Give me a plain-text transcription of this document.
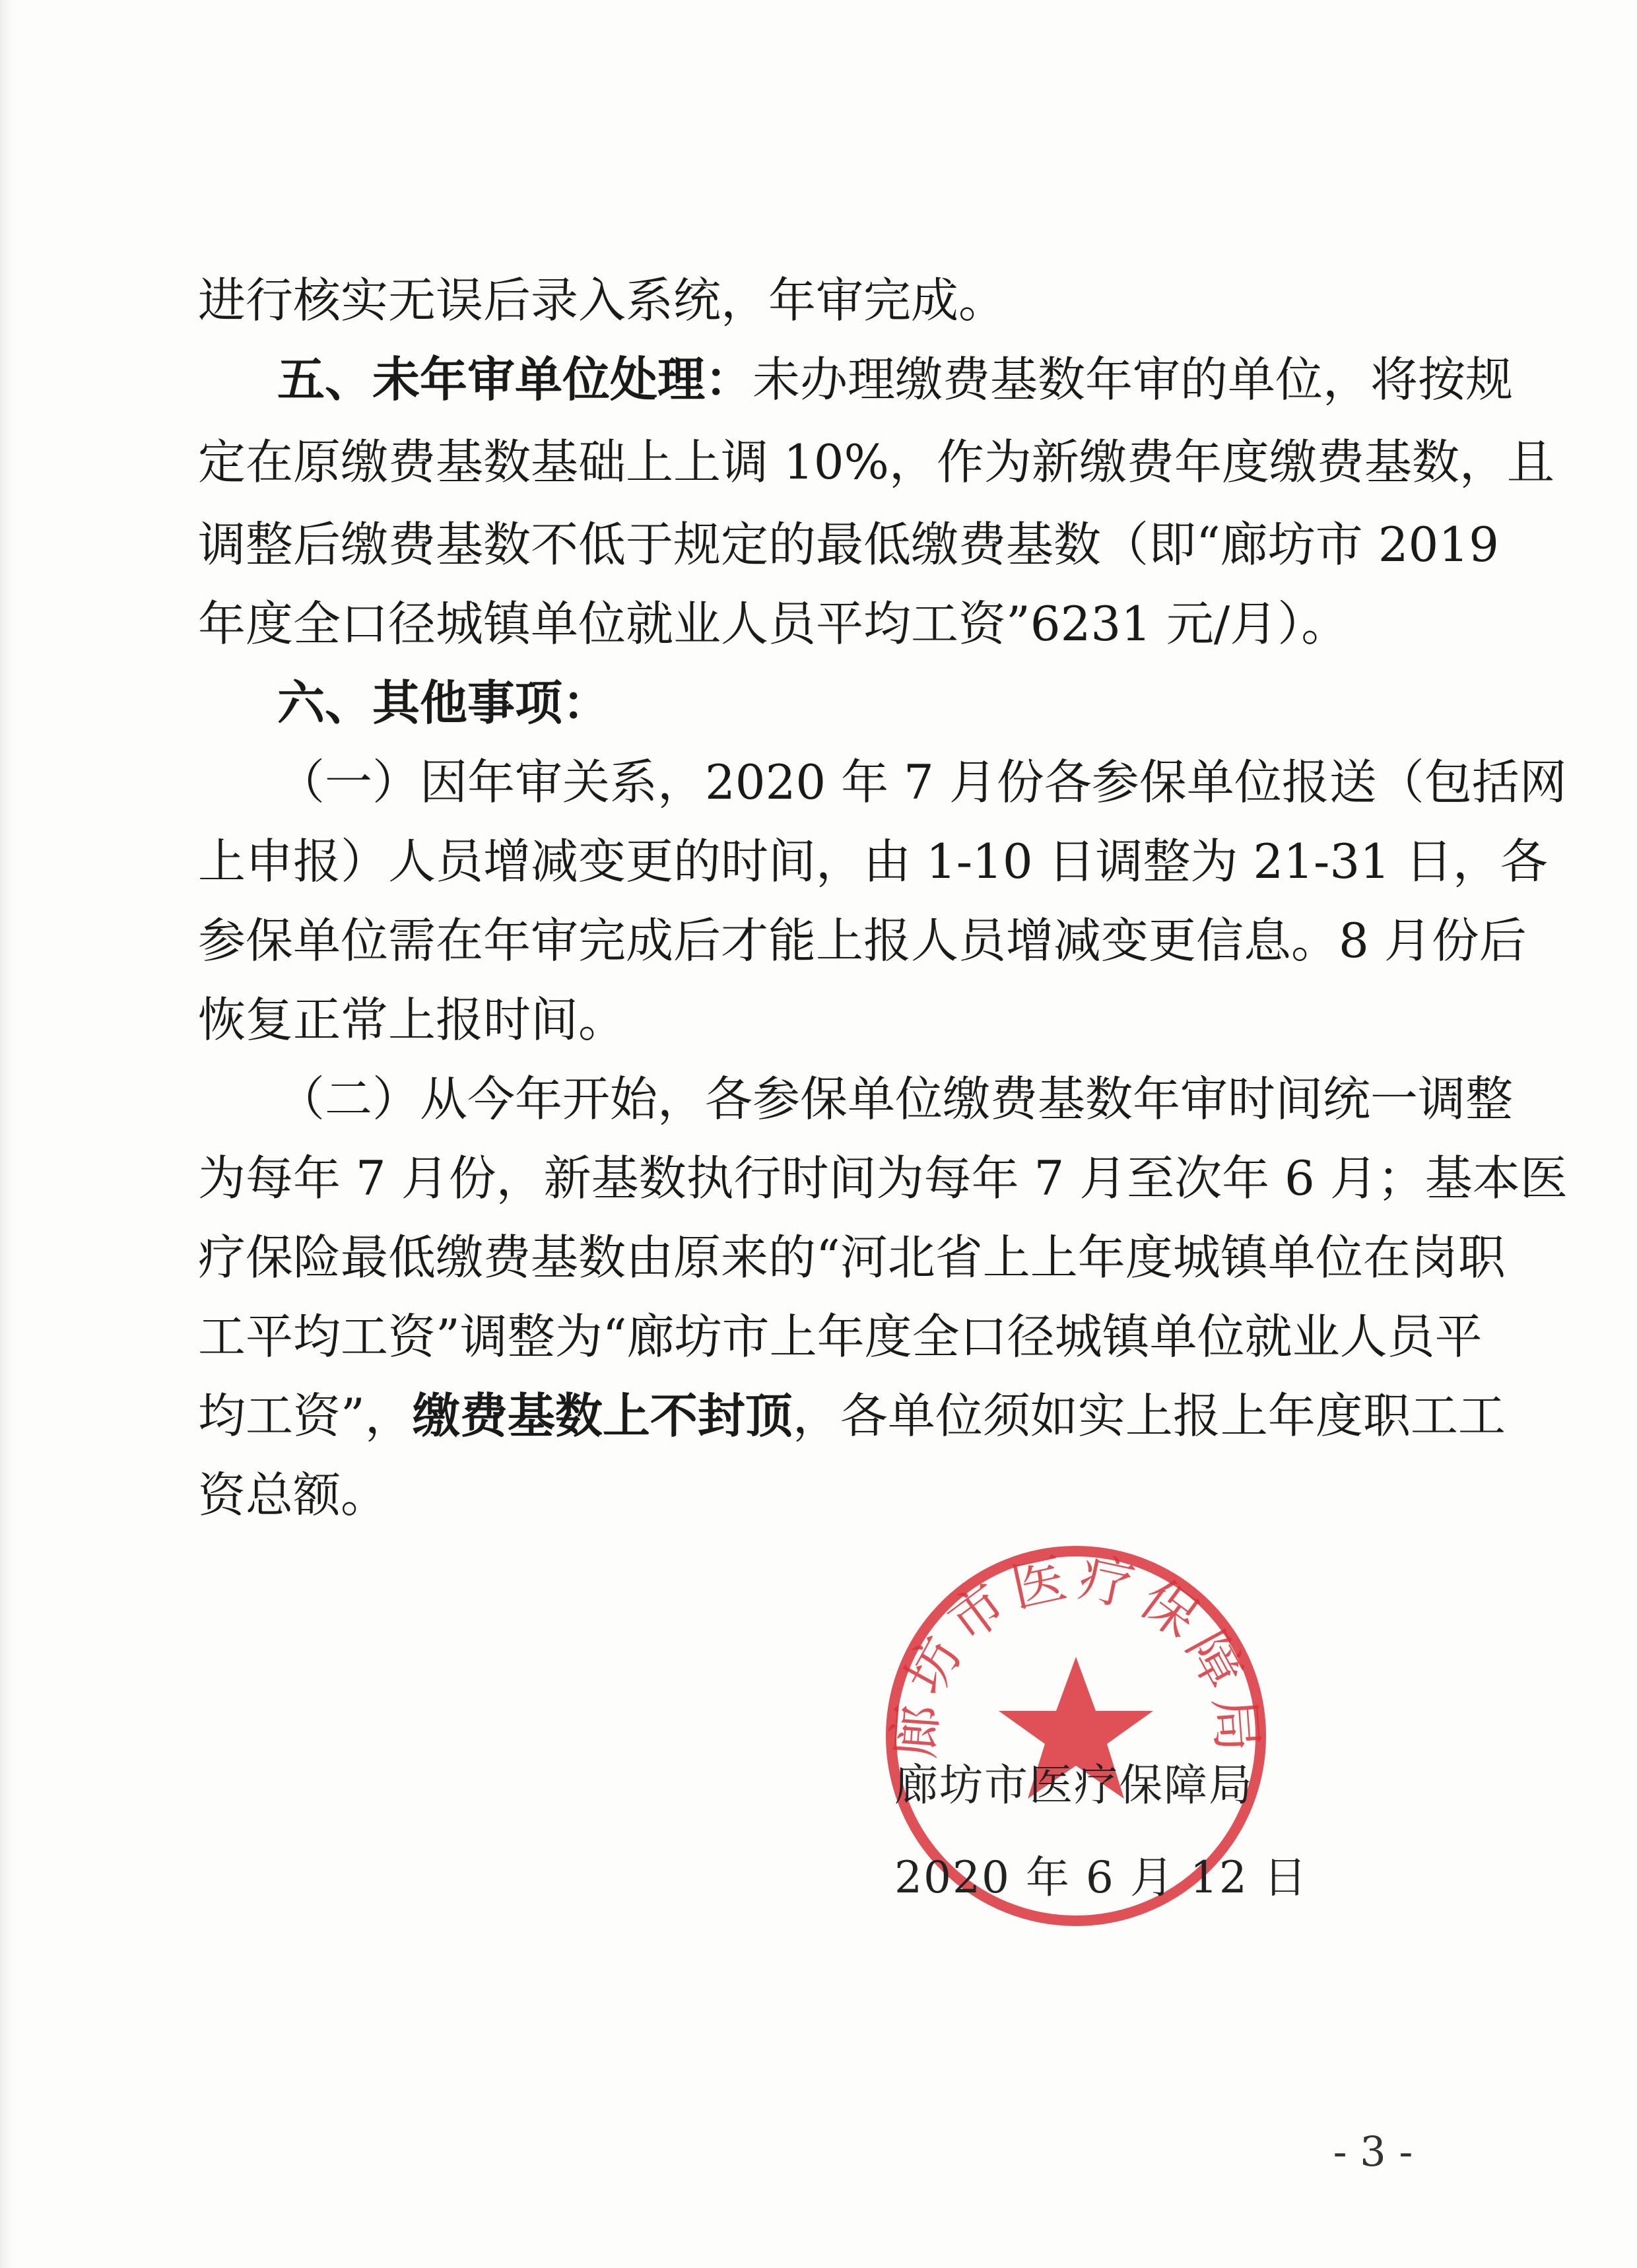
进行核实无误后录入系统，年审完成。
五、未年审单位处理：未办理缴费基数年审的单位，将按规
定在原缴费基数基础上上调 10%，作为新缴费年度缴费基数，且
调整后缴费基数不低于规定的最低缴费基数（即“廊坊市 2019
年度全口径城镇单位就业人员平均工资”6231 元/月）。
六、其他事项：
（一）因年审关系，2020 年 7 月份各参保单位报送（包括网
上申报）人员增减变更的时间，由 1-10 日调整为 21-31 日，各
参保单位需在年审完成后才能上报人员增减变更信息。8 月份后
恢复正常上报时间。
（二）从今年开始，各参保单位缴费基数年审时间统一调整
为每年 7 月份，新基数执行时间为每年 7 月至次年 6 月；基本医
疗保险最低缴费基数由原来的“河北省上上年度城镇单位在岗职
工平均工资”调整为“廊坊市上年度全口径城镇单位就业人员平
均工资”，缴费基数上不封顶，各单位须如实上报上年度职工工
资总额。
廊坊市医疗保障局
廊坊市医疗保障局
2020 年 6 月 12 日
- 3 -
